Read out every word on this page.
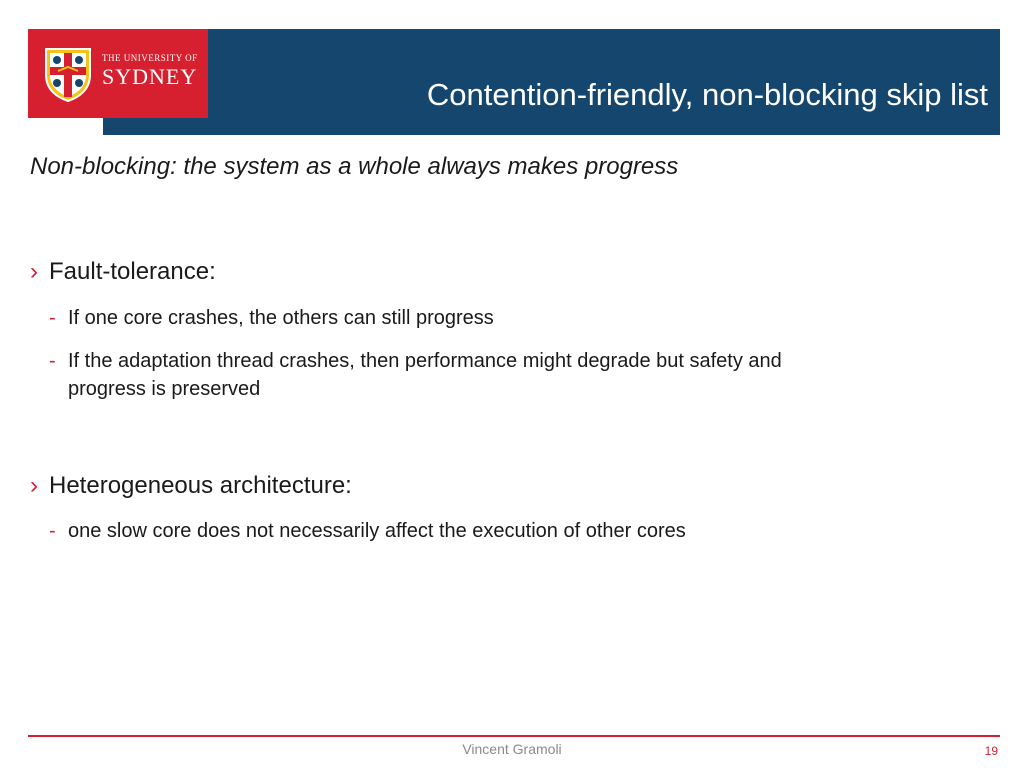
THE UNIVERSITY OF
SYDNEY
Contention-friendly, non-blocking skip list
Non-blocking: the system as a whole always makes progress
› Fault-tolerance:
- If one core crashes, the others can still progress
- If the adaptation thread crashes, then performance might degrade but safety and
progress is preserved
› Heterogeneous architecture:
- one slow core does not necessarily affect the execution of other cores
Vincent Gramoli	19
